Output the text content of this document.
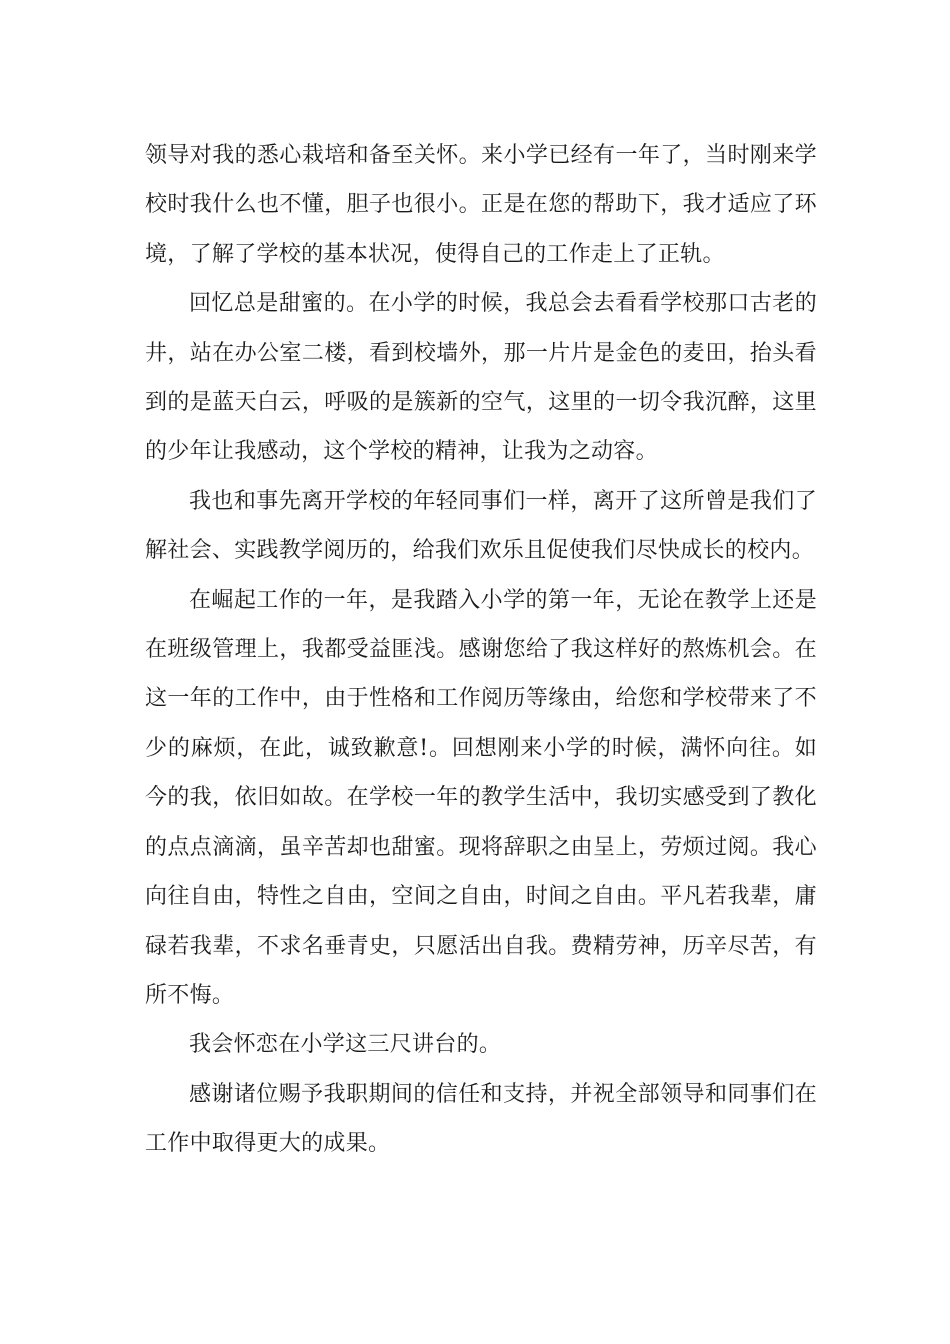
领导对我的悉心栽培和备至关怀。来小学已经有一年了，当时刚来学校时我什么也不懂，胆子也很小。正是在您的帮助下，我才适应了环境，了解了学校的基本状况，使得自己的工作走上了正轨。

回忆总是甜蜜的。在小学的时候，我总会去看看学校那口古老的井，站在办公室二楼，看到校墙外，那一片片是金色的麦田，抬头看到的是蓝天白云，呼吸的是簇新的空气，这里的一切令我沉醉，这里的少年让我感动，这个学校的精神，让我为之动容。

我也和事先离开学校的年轻同事们一样，离开了这所曾是我们了解社会、实践教学阅历的，给我们欢乐且促使我们尽快成长的校内。

在崛起工作的一年，是我踏入小学的第一年，无论在教学上还是在班级管理上，我都受益匪浅。感谢您给了我这样好的熬炼机会。在这一年的工作中，由于性格和工作阅历等缘由，给您和学校带来了不少的麻烦，在此，诚致歉意!。回想刚来小学的时候，满怀向往。如今的我，依旧如故。在学校一年的教学生活中，我切实感受到了教化的点点滴滴，虽辛苦却也甜蜜。现将辞职之由呈上，劳烦过阅。我心向往自由，特性之自由，空间之自由，时间之自由。平凡若我辈，庸碌若我辈，不求名垂青史，只愿活出自我。费精劳神，历辛尽苦，有所不悔。

我会怀恋在小学这三尺讲台的。

感谢诸位赐予我职期间的信任和支持，并祝全部领导和同事们在工作中取得更大的成果。
